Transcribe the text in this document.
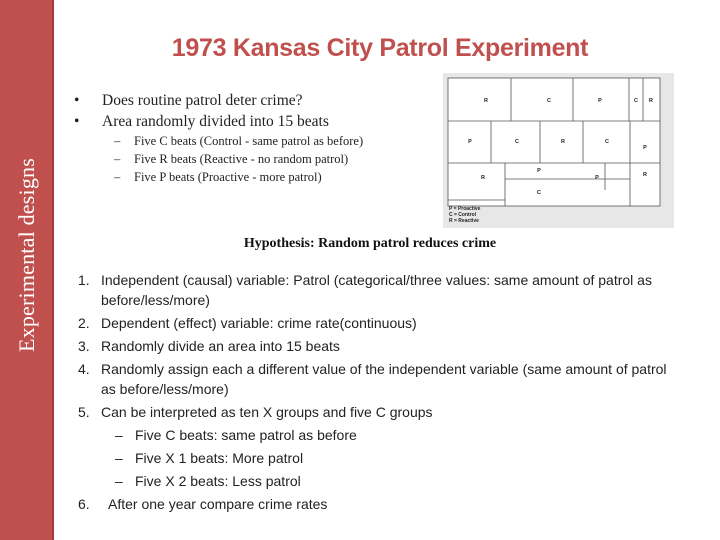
Experimental designs
1973 Kansas City Patrol Experiment
• Does routine patrol deter crime?
• Area randomly divided into 15 beats
– Five C beats (Control - same patrol as before)
– Five R beats (Reactive - no random patrol)
– Five P beats (Proactive - more patrol)
R	C	P	C R
P	C	R	C
P
R
P
P	R
C
P = Proactive
C = Control
R = Reactive
Hypothesis: Random patrol reduces crime
1. Independent (causal) variable: Patrol (categorical/three values: same amount of patrol as before/less/more)
2. Dependent (effect) variable: crime rate(continuous)
3. Randomly divide an area into 15 beats
4. Randomly assign each a different value of the independent variable (same amount of patrol as before/less/more)
5. Can be interpreted as ten X groups and five C groups
– Five C beats: same patrol as before
– Five X 1 beats: More patrol
– Five X 2 beats: Less patrol
6. After one year compare crime rates
